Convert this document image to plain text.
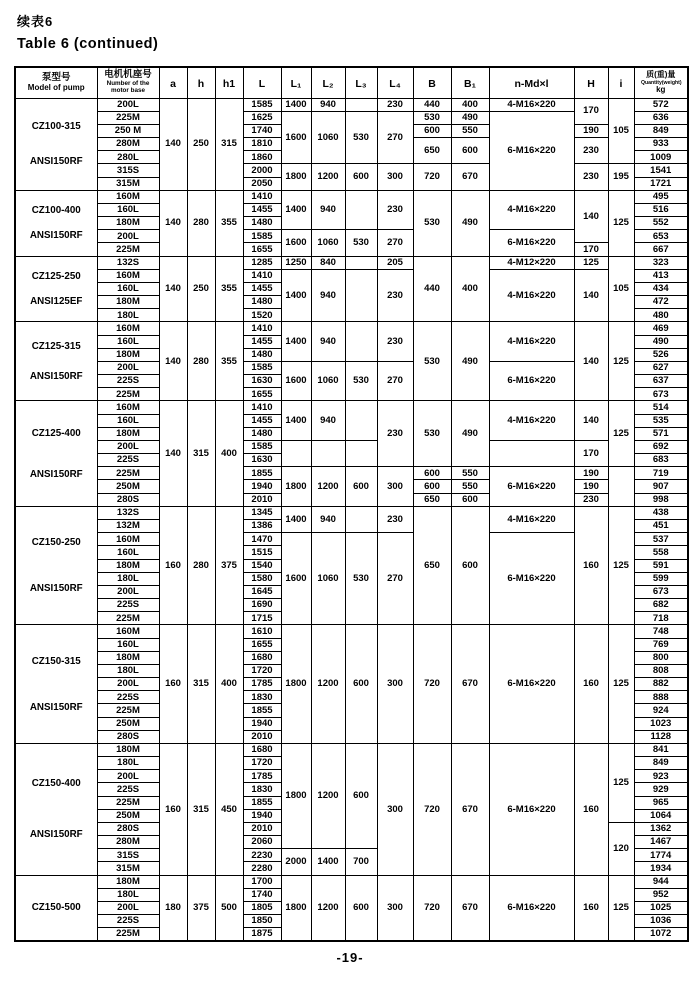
续表6
Table 6 (continued)
泵型号
Model of pump	电机机座号
Number of the
motor base	a	h	h1	L	L₁	L₂	L₃	L₄	B	B₁	n-Md×l	H	i	质(重)量
Quantity(weight)
kg

CZ100-315
ANSI150RF	200L	140	250	315	1585	1400	940		230	440	400	4-M16×220	170	105	572
	225M				1625	1600	1060	530	270	530	490	6-M16×220			636
	250 M				1740					600	550		190		849
	280M				1810					650	600		230		933
	280L				1860										1009
	315S				2000	1800	1200	600	300	720	670		230	195	1541
	315M				2050										1721

CZ100-400
ANSI150RF	160M	140	280	355	1410	1400	940		230	530	490	4-M16×220	140	125	495
	160L				1455										516
	180M				1480										552
	200L				1585	1600	1060	530	270			6-M16×220			653
	225M				1655								170		667

CZ125-250
ANSI125EF	132S	140	250	355	1285	1250	840		205	440	400	4-M12×220	125	105	323
	160M				1410	1400	940		230			4-M16×220	140		413
	160L				1455										434
	180M				1480										472
	180L				1520										480

CZ125-315
ANSI150RF	160M	140	280	355	1410	1400	940		230	530	490	4-M16×220	140	125	469
	160L				1455										490
	180M				1480										526
	200L				1585	1600	1060	530	270			6-M16×220			627
	225S				1630										637
	225M				1655										673

CZ125-400
ANSI150RF	160M	140	315	400	1410	1400	940		230	530	490	4-M16×220	140	125	514
	160L				1455										535
	180M				1480										571
	200L				1585								170		692
	225S				1630										683
	225M				1855	1800	1200	600	300	600	550	6-M16×220	190		719
	250M				1940					600	550		190		907
	280S				2010					650	600		230		998

CZ150-250
ANSI150RF	132S	160	280	375	1345	1400	940		230	650	600	4-M16×220	160	125	438
	132M				1386										451
	160M				1470	1600	1060	530	270			6-M16×220			537
	160L				1515										558
	180M				1540										591
	180L				1580										599
	200L				1645										673
	225S				1690										682
	225M				1715										718

CZ150-315
ANSI150RF	160M	160	315	400	1610	1800	1200	600	300	720	670	6-M16×220	160	125	748
	160L				1655										769
	180M				1680										800
	180L				1720										808
	200L				1785										882
	225S				1830										888
	225M				1855										924
	250M				1940										1023
	280S				2010										1128

CZ150-400
ANSI150RF	180M	160	315	450	1680	1800	1200	600	300	720	670	6-M16×220	160	125	841
	180L				1720										849
	200L				1785										923
	225S				1830										929
	225M				1855										965
	250M				1940										1064
	280S				2010									120	1362
	280M				2060										1467
	315S				2230	2000	1400	700							1774
	315M				2280										1934

CZ150-500	180M	180	375	500	1700	1800	1200	600	300	720	670	6-M16×220	160	125	944
	180L				1740										952
	200L				1805										1025
	225S				1850										1036
	225M				1875										1072
-19-
